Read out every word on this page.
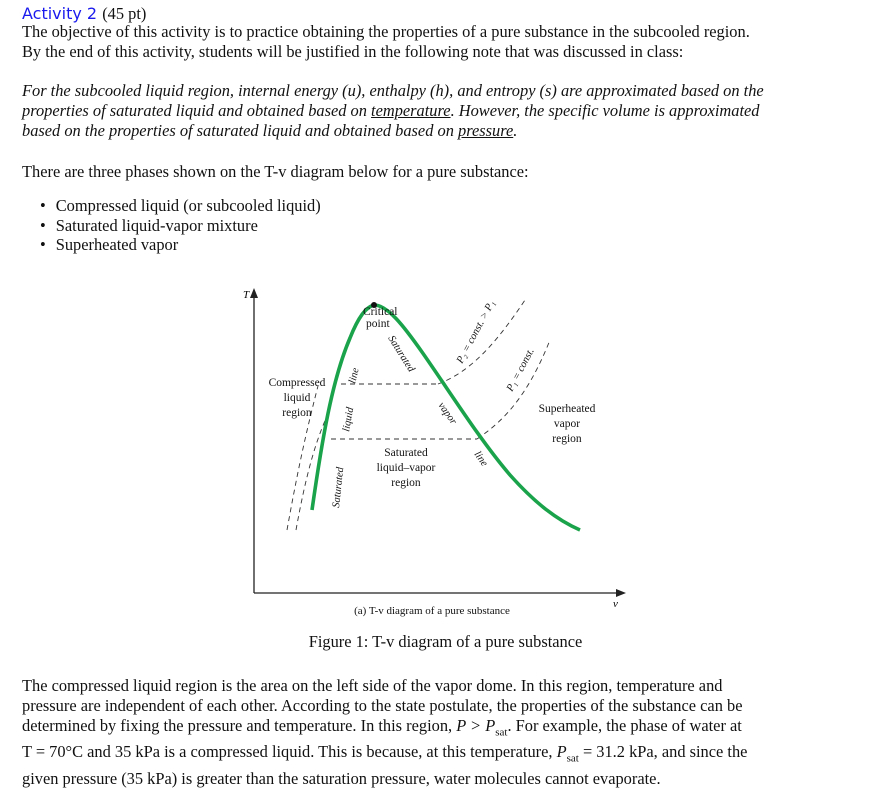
Activity 2 (45 pt)
The objective of this activity is to practice obtaining the properties of a pure substance in the subcooled region.
By the end of this activity, students will be justified in the following note that was discussed in class:
For the subcooled liquid region, internal energy (u), enthalpy (h), and entropy (s) are approximated based on the
properties of saturated liquid and obtained based on temperature. However, the specific volume is approximated
based on the properties of saturated liquid and obtained based on pressure.
There are three phases shown on the T-v diagram below for a pure substance:
• Compressed liquid (or subcooled liquid)
• Saturated liquid-vapor mixture
• Superheated vapor
T
v
Critical
point
Compressed
liquid
region
Saturated
liquid–vapor
region
Superheated
vapor
region
Saturated
liquid
line
Saturated
vapor
line
P₂ = const. > P₁
P₁ = const.
(a) T-v diagram of a pure substance
Figure 1: T-v diagram of a pure substance
The compressed liquid region is the area on the left side of the vapor dome. In this region, temperature and
pressure are independent of each other. According to the state postulate, the properties of the substance can be
determined by fixing the pressure and temperature. In this region, $P > P_{sat}$. For example, the phase of water at
T = 70°C and 35 kPa is a compressed liquid. This is because, at this temperature, $P_{sat} = 31.2$ kPa, and since the
given pressure (35 kPa) is greater than the saturation pressure, water molecules cannot evaporate.
